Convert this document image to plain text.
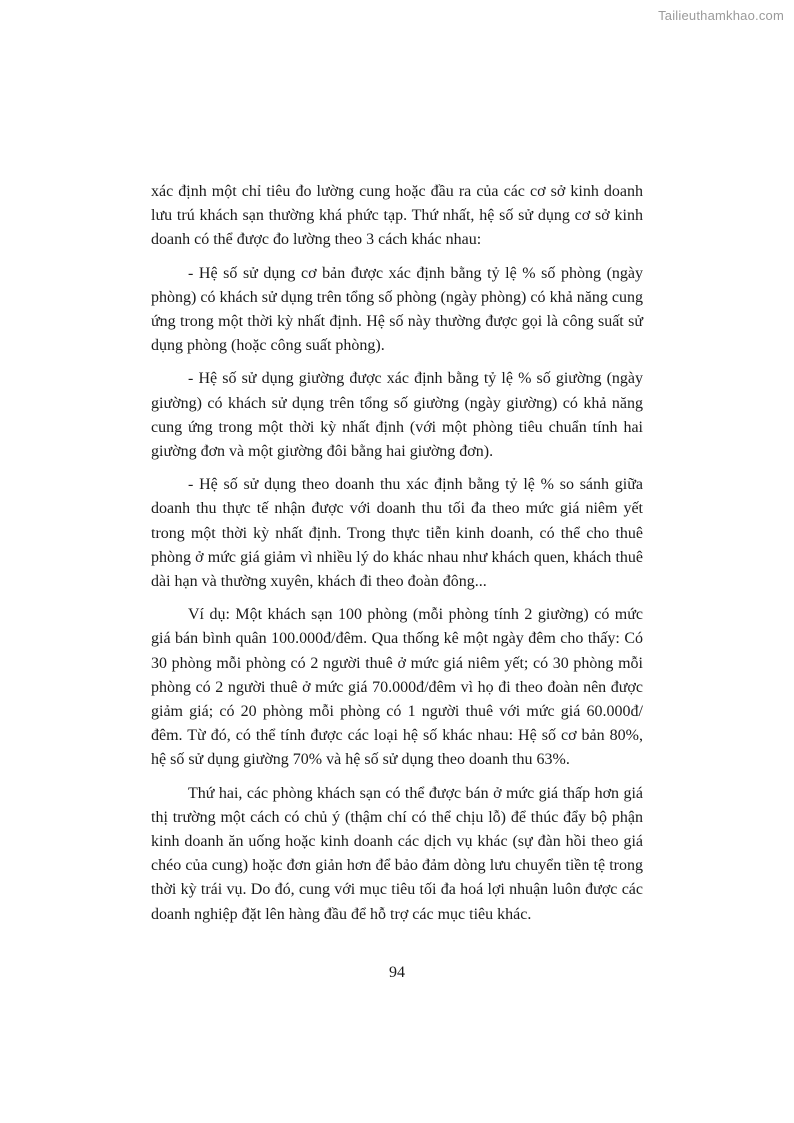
Tailieuthamkhao.com

xác định một chỉ tiêu đo lường cung hoặc đầu ra của các cơ sở kinh doanh lưu trú khách sạn thường khá phức tạp. Thứ nhất, hệ số sử dụng cơ sở kinh doanh có thể được đo lường theo 3 cách khác nhau:

- Hệ số sử dụng cơ bản được xác định bằng tỷ lệ % số phòng (ngày phòng) có khách sử dụng trên tổng số phòng (ngày phòng) có khả năng cung ứng trong một thời kỳ nhất định. Hệ số này thường được gọi là công suất sử dụng phòng (hoặc công suất phòng).

- Hệ số sử dụng giường được xác định bằng tỷ lệ % số giường (ngày giường) có khách sử dụng trên tổng số giường (ngày giường) có khả năng cung ứng trong một thời kỳ nhất định (với một phòng tiêu chuẩn tính hai giường đơn và một giường đôi bằng hai giường đơn).

- Hệ số sử dụng theo doanh thu xác định bằng tỷ lệ % so sánh giữa doanh thu thực tế nhận được với doanh thu tối đa theo mức giá niêm yết trong một thời kỳ nhất định. Trong thực tiễn kinh doanh, có thể cho thuê phòng ở mức giá giảm vì nhiều lý do khác nhau như khách quen, khách thuê dài hạn và thường xuyên, khách đi theo đoàn đông...

Ví dụ: Một khách sạn 100 phòng (mỗi phòng tính 2 giường) có mức giá bán bình quân 100.000đ/đêm. Qua thống kê một ngày đêm cho thấy: Có 30 phòng mỗi phòng có 2 người thuê ở mức giá niêm yết; có 30 phòng mỗi phòng có 2 người thuê ở mức giá 70.000đ/đêm vì họ đi theo đoàn nên được giảm giá; có 20 phòng mỗi phòng có 1 người thuê với mức giá 60.000đ/đêm. Từ đó, có thể tính được các loại hệ số khác nhau: Hệ số cơ bản 80%, hệ số sử dụng giường 70% và hệ số sử dụng theo doanh thu 63%.

Thứ hai, các phòng khách sạn có thể được bán ở mức giá thấp hơn giá thị trường một cách có chủ ý (thậm chí có thể chịu lỗ) để thúc đẩy bộ phận kinh doanh ăn uống hoặc kinh doanh các dịch vụ khác (sự đàn hồi theo giá chéo của cung) hoặc đơn giản hơn để bảo đảm dòng lưu chuyển tiền tệ trong thời kỳ trái vụ. Do đó, cung với mục tiêu tối đa hoá lợi nhuận luôn được các doanh nghiệp đặt lên hàng đầu để hỗ trợ các mục tiêu khác.

94
